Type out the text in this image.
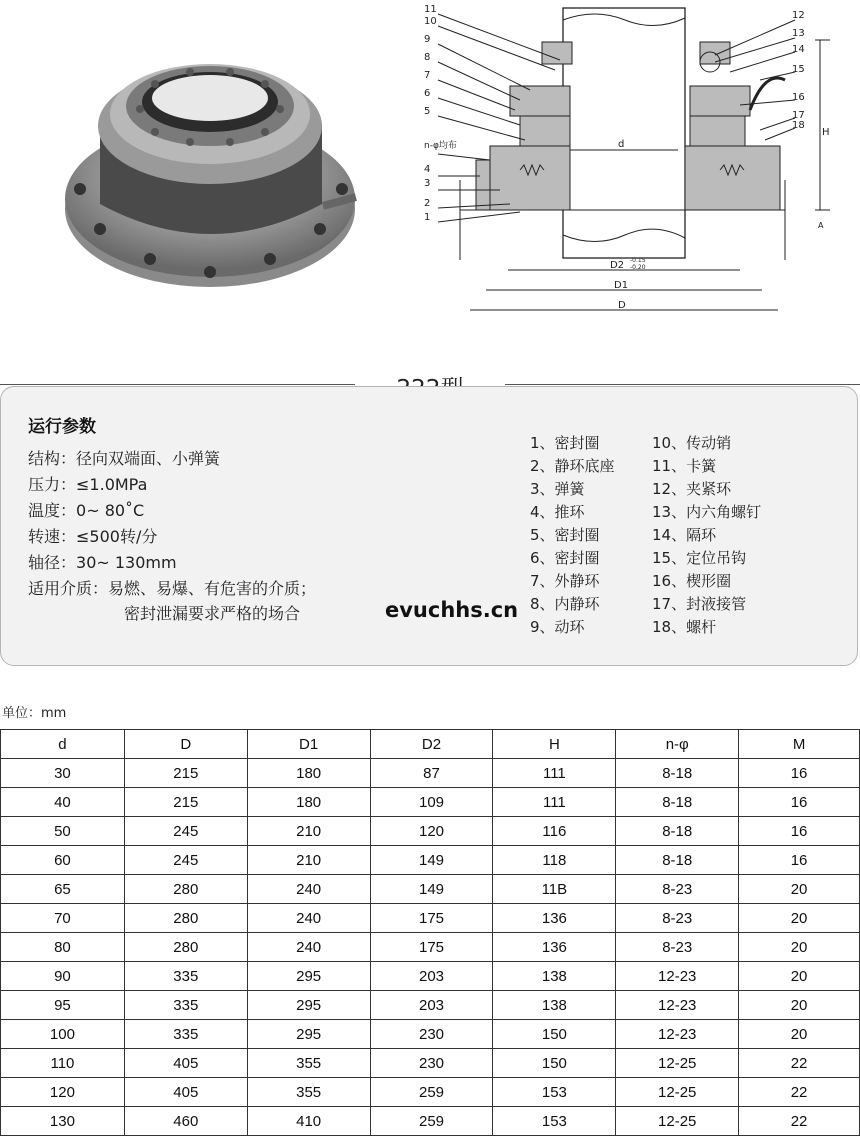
11
10
9
8
7
6
5
n-φ均布
4
3
2
1
12
13
14
15
16
17
18
d
H
A
D2 -0.15
-0.20
D1
D
运行参数
结构：径向双端面、小弹簧
压力：≤1.0MPa
温度：0~ 80˚C
转速：≤500转/分
轴径：30~ 130mm
适用介质：易燃、易爆、有危害的介质；
密封泄漏要求严格的场合
1、密封圈
2、静环底座
3、弹簧
4、推环
5、密封圈
6、密封圈
7、外静环
8、内静环
9、动环
10、传动销
11、卡簧
12、夹紧环
13、内六角螺钉
14、隔环
15、定位吊钩
16、楔形圈
17、封液接管
18、螺杆
evuchhs.cn
单位：mm
d	D	D1	D2	H	n-φ	M
30	215	180	87	111	8-18	16
40	215	180	109	111	8-18	16
50	245	210	120	116	8-18	16
60	245	210	149	118	8-18	16
65	280	240	149	11B	8-23	20
70	280	240	175	136	8-23	20
80	280	240	175	136	8-23	20
90	335	295	203	138	12-23	20
95	335	295	203	138	12-23	20
100	335	295	230	150	12-23	20
110	405	355	230	150	12-25	22
120	405	355	259	153	12-25	22
130	460	410	259	153	12-25	22
